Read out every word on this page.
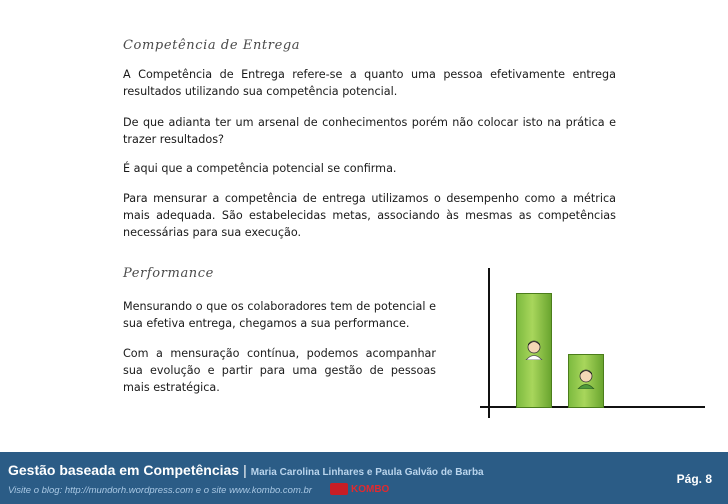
Competência de Entrega

A Competência de Entrega refere-se a quanto uma pessoa efetivamente entrega resultados utilizando sua competência potencial.

De que adianta ter um arsenal de conhecimentos porém não colocar isto na prática e trazer resultados?

É aqui que a competência potencial se confirma.

Para mensurar a competência de entrega utilizamos o desempenho como a métrica mais adequada. São estabelecidas metas, associando às mesmas as competências necessárias para sua execução.

Performance

Mensurando o que os colaboradores tem de potencial e sua efetiva entrega, chegamos a sua performance.

Com a mensuração contínua, podemos acompanhar sua evolução e partir para uma gestão de pessoas mais estratégica.

Gestão baseada em Competências | Maria Carolina Linhares e Paula Galvão de Barba
Visite o blog: http://mundorh.wordpress.com e o site www.kombo.com.br	KOMBO
Pág. 8
